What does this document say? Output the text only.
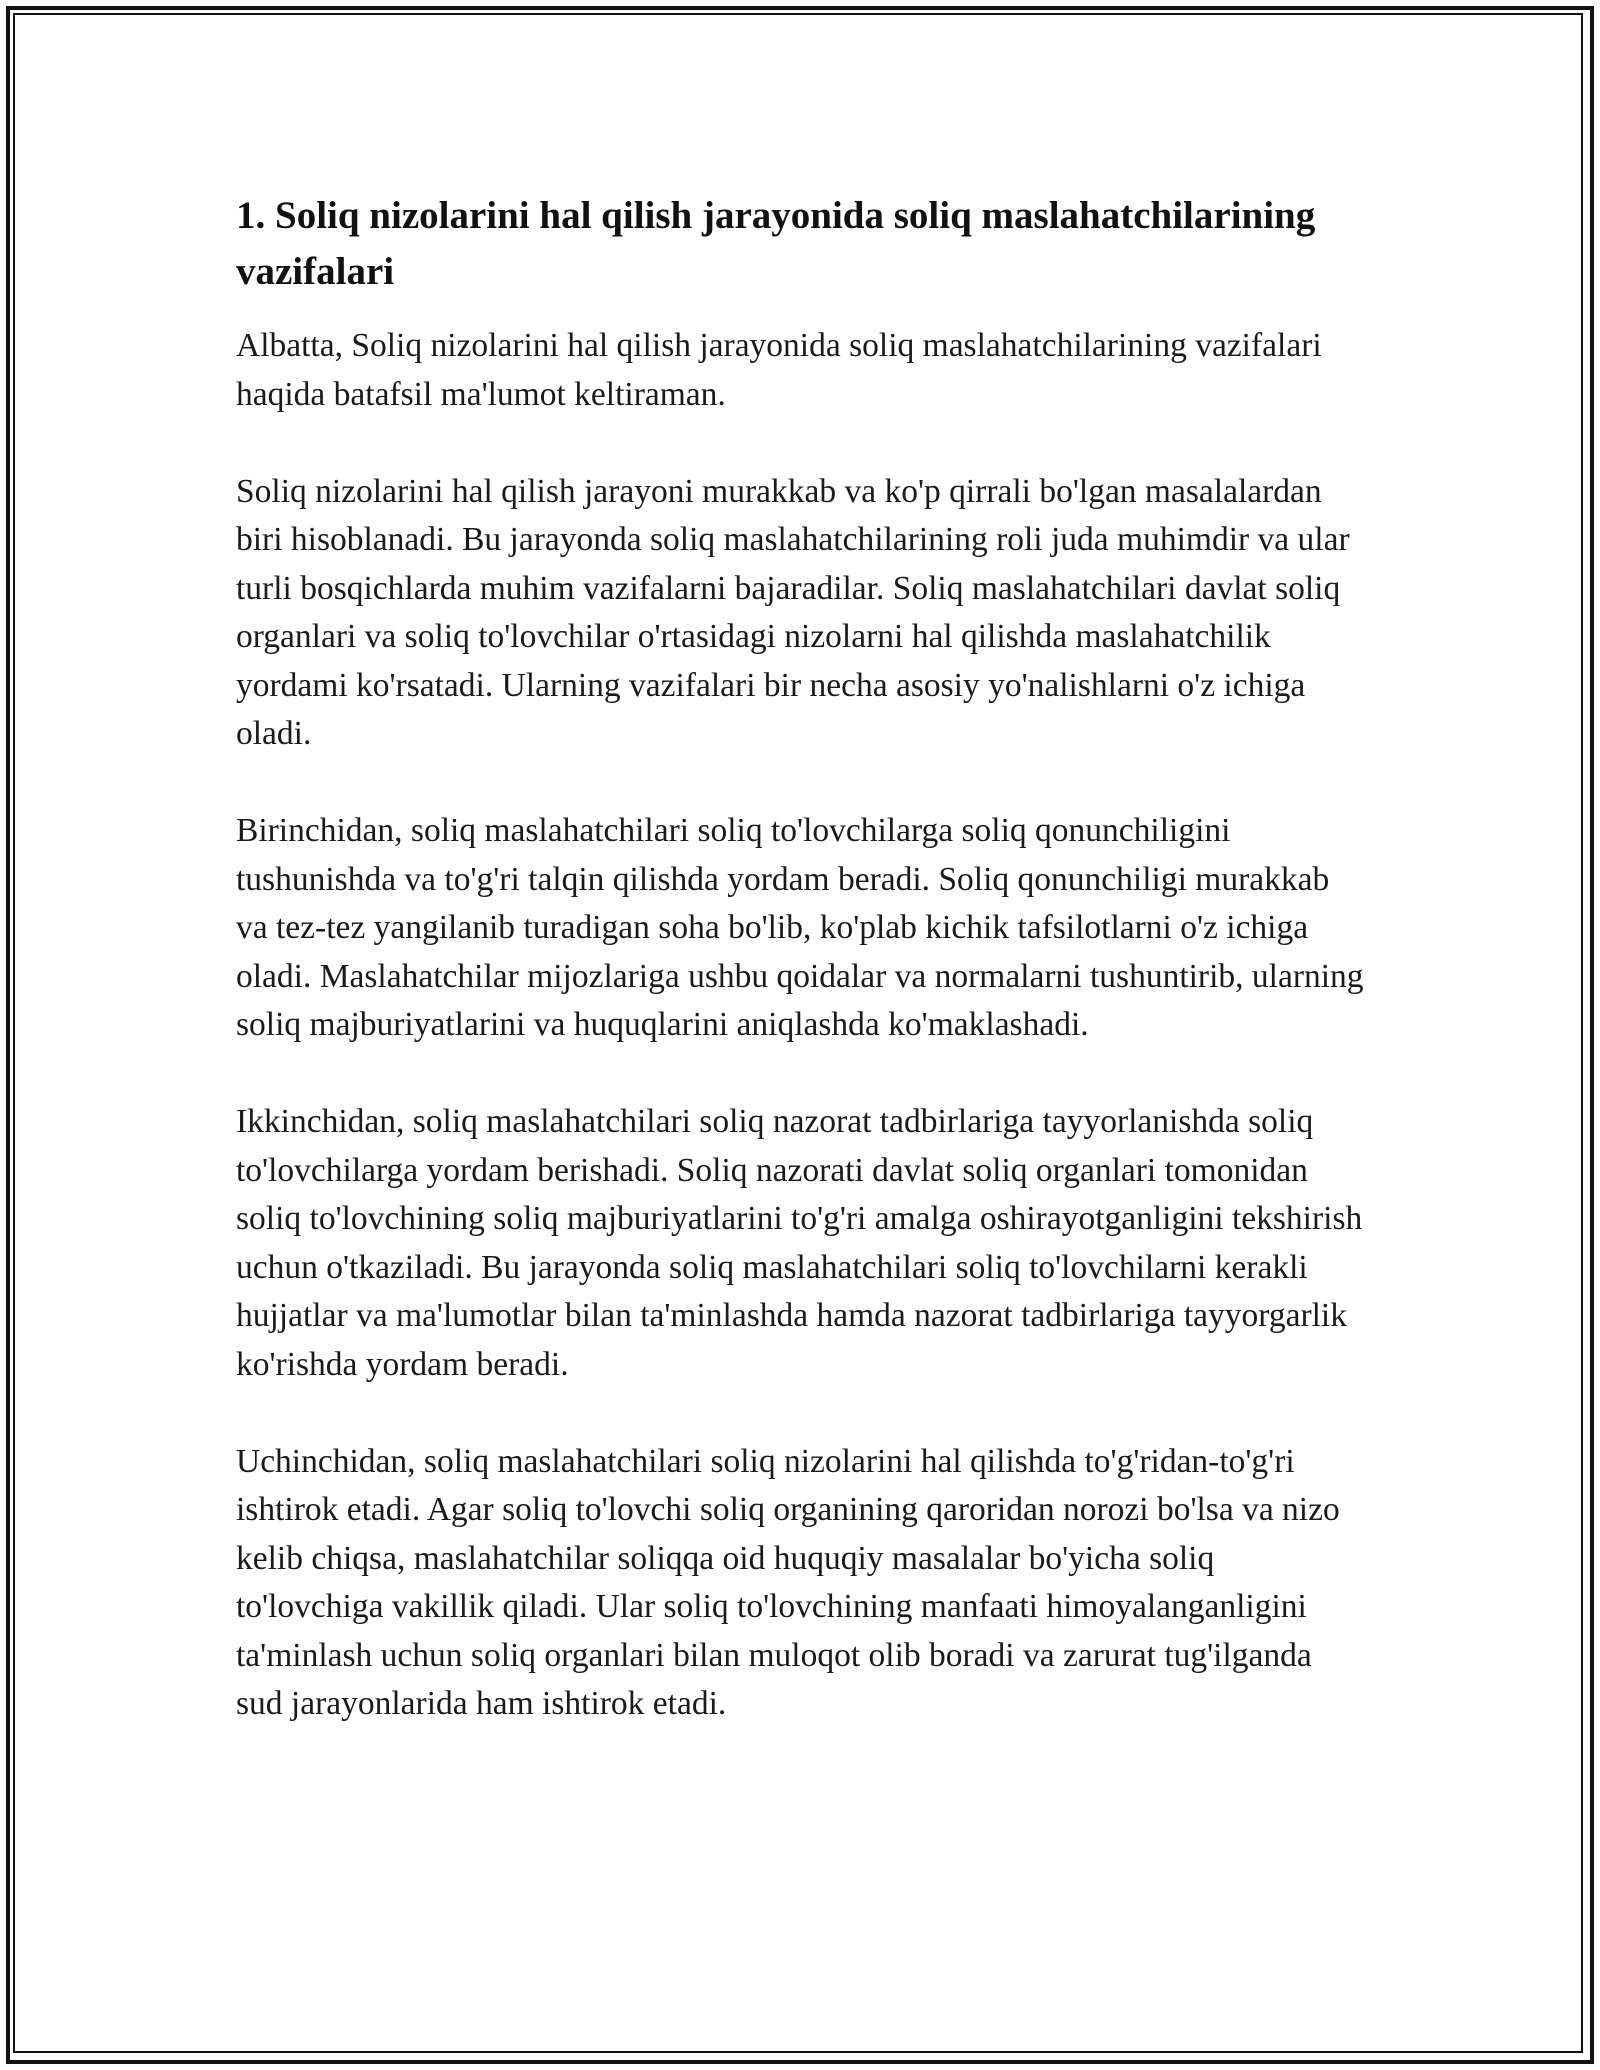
1. Soliq nizolarini hal qilish jarayonida soliq maslahatchilarining vazifalari

Albatta, Soliq nizolarini hal qilish jarayonida soliq maslahatchilarining vazifalari haqida batafsil ma'lumot keltiraman.

Soliq nizolarini hal qilish jarayoni murakkab va ko'p qirrali bo'lgan masalalardan biri hisoblanadi. Bu jarayonda soliq maslahatchilarining roli juda muhimdir va ular turli bosqichlarda muhim vazifalarni bajaradilar. Soliq maslahatchilari davlat soliq organlari va soliq to'lovchilar o'rtasidagi nizolarni hal qilishda maslahatchilik yordami ko'rsatadi. Ularning vazifalari bir necha asosiy yo'nalishlarni o'z ichiga oladi.

Birinchidan, soliq maslahatchilari soliq to'lovchilarga soliq qonunchiligini tushunishda va to'g'ri talqin qilishda yordam beradi. Soliq qonunchiligi murakkab va tez-tez yangilanib turadigan soha bo'lib, ko'plab kichik tafsilotlarni o'z ichiga oladi. Maslahatchilar mijozlariga ushbu qoidalar va normalarni tushuntirib, ularning soliq majburiyatlarini va huquqlarini aniqlashda ko'maklashadi.

Ikkinchidan, soliq maslahatchilari soliq nazorat tadbirlariga tayyorlanishda soliq to'lovchilarga yordam berishadi. Soliq nazorati davlat soliq organlari tomonidan soliq to'lovchining soliq majburiyatlarini to'g'ri amalga oshirayotganligini tekshirish uchun o'tkaziladi. Bu jarayonda soliq maslahatchilari soliq to'lovchilarni kerakli hujjatlar va ma'lumotlar bilan ta'minlashda hamda nazorat tadbirlariga tayyorgarlik ko'rishda yordam beradi.

Uchinchidan, soliq maslahatchilari soliq nizolarini hal qilishda to'g'ridan-to'g'ri ishtirok etadi. Agar soliq to'lovchi soliq organining qaroridan norozi bo'lsa va nizo kelib chiqsa, maslahatchilar soliqqa oid huquqiy masalalar bo'yicha soliq to'lovchiga vakillik qiladi. Ular soliq to'lovchining manfaati himoyalanganligini ta'minlash uchun soliq organlari bilan muloqot olib boradi va zarurat tug'ilganda sud jarayonlarida ham ishtirok etadi.
